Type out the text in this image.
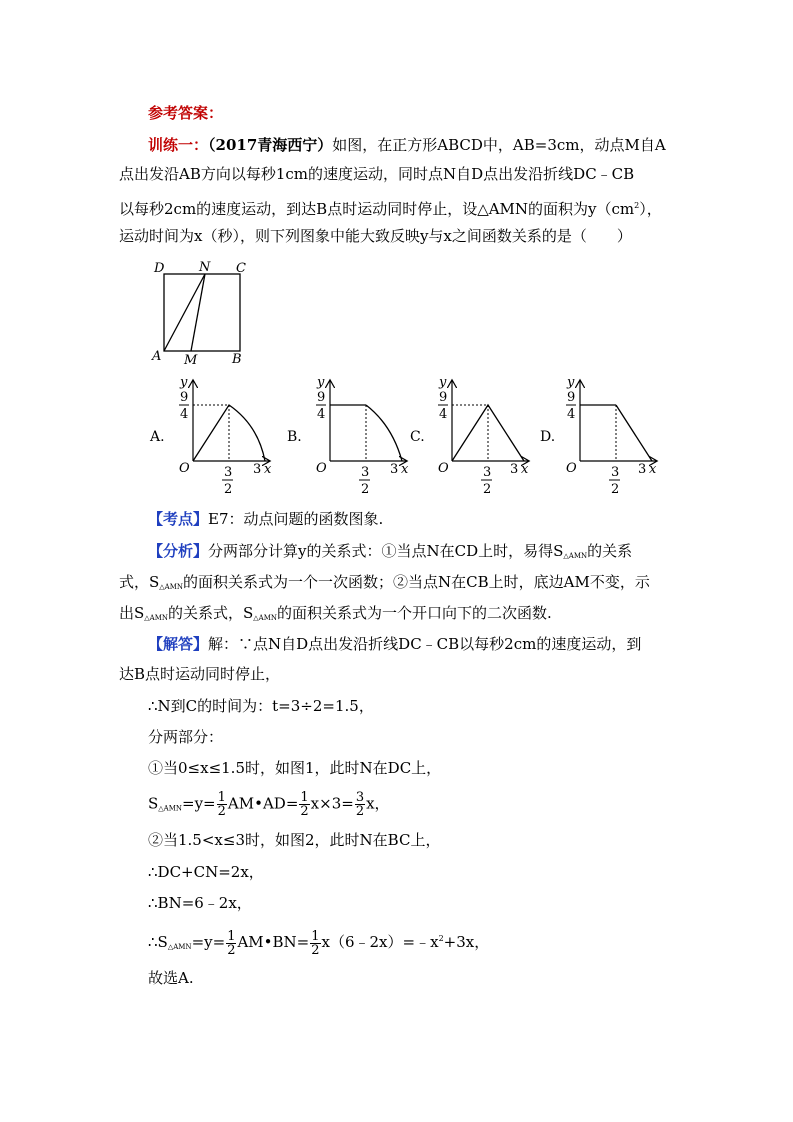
参考答案：
训练一：（2017青海西宁）如图，在正方形ABCD中，AB=3cm，动点M自A
点出发沿AB方向以每秒1cm的速度运动，同时点N自D点出发沿折线DC﹣CB
以每秒2cm的速度运动，到达B点时运动同时停止，设△AMN的面积为$y(cm^2)$，
运动时间为x（秒），则下列图象中能大致反映y与x之间函数关系的是（　　）
D	N C
A M	B
A.	B.	C.	D.
y
9
4
O	3
2
3 x
y
9
4
O	3
2
3 x
y
9
4
O	3
2
3 x
y
9
4
O	3
2
3 x
【考点】E7：动点问题的函数图象.
【分析】分两部分计算y的关系式：①当点N在CD上时，易得$S_{\triangle AMN}$的关系
式，$S_{\triangle AMN}$的面积关系式为一个一次函数；②当点N在CB上时，底边AM不变，示
出$S_{\triangle AMN}$的关系式，$S_{\triangle AMN}$的面积关系式为一个开口向下的二次函数.
【解答】解：∵点N自D点出发沿折线DC﹣CB以每秒2cm的速度运动，到
达B点时运动同时停止，
∴N到C的时间为：t=3÷2=1.5，
分两部分：
①当0≤x≤1.5时，如图1，此时N在DC上，
$S_{\triangle AMN}=y= \frac{1}{2}$ AM•AD= $\frac{1}{2} x\times 3= \frac{3}{2}$ x，
②当1.5<x≤3时，如图2，此时N在BC上，
∴DC+CN=2x，
∴BN=6﹣2x，
$\therefore S_{\triangle AMN}=y= \frac{1}{2}$ AM•BN= $\frac{1}{2}$ $x(6﹣2x)=﹣x^2+3x$，
故选A.
